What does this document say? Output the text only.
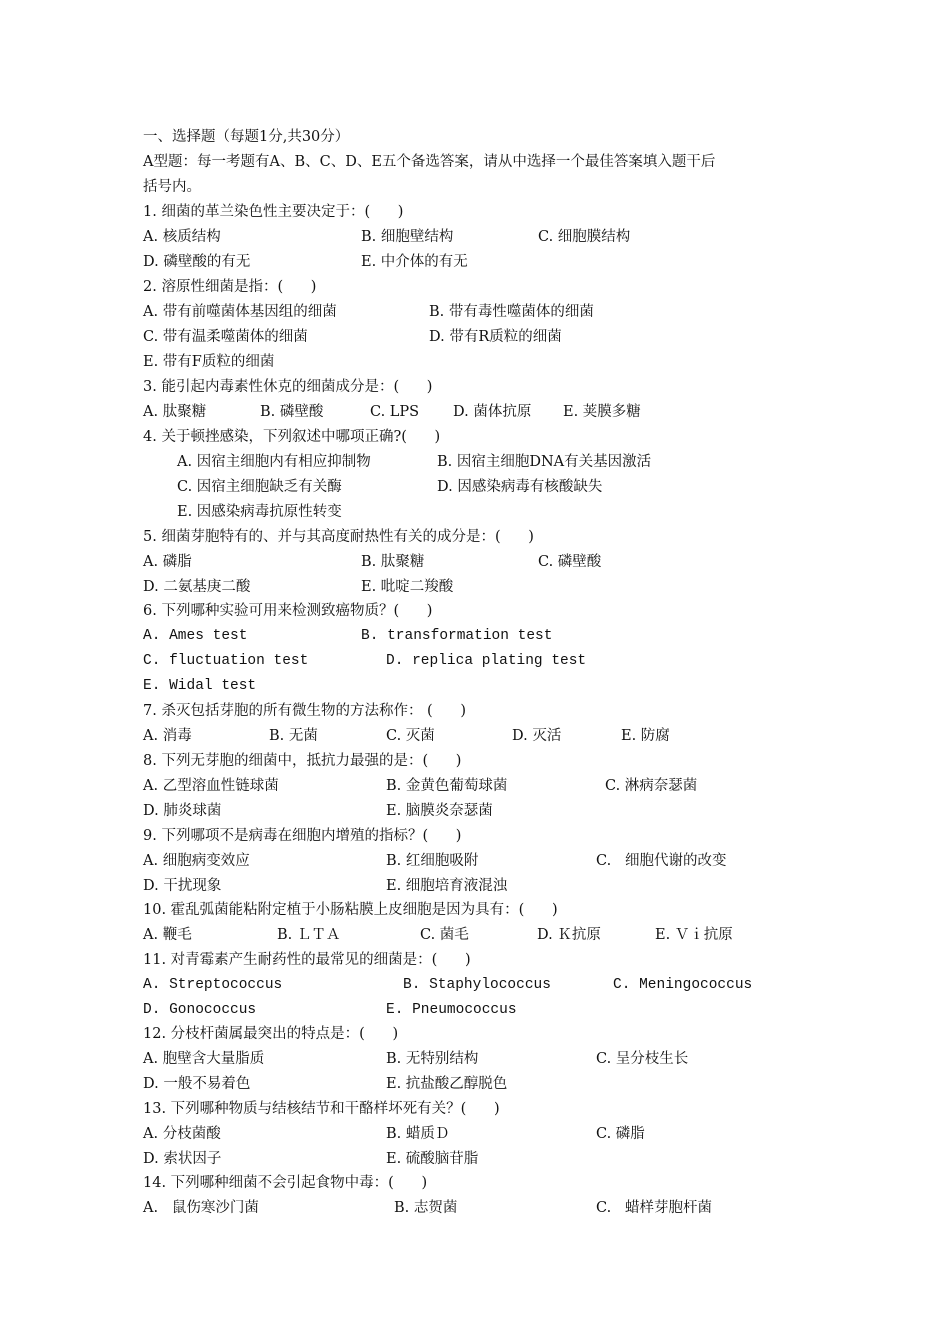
一、选择题（每题1分,共30分）
A型题：每一考题有A、B、C、D、E五个备选答案，请从中选择一个最佳答案填入题干后
括号内。
1. 细菌的革兰染色性主要决定于：(      )
A. 核质结构	B. 细胞壁结构	C. 细胞膜结构
D. 磷壁酸的有无	E. 中介体的有无
2. 溶原性细菌是指：(      )
A. 带有前噬菌体基因组的细菌	B. 带有毒性噬菌体的细菌
C. 带有温柔噬菌体的细菌	D. 带有R质粒的细菌
E. 带有F质粒的细菌
3. 能引起内毒素性休克的细菌成分是：(      )
A. 肽聚糖	B. 磷壁酸	C. LPS D. 菌体抗原 E. 荚膜多糖
4. 关于顿挫感染，下列叙述中哪项正确?(      )
A. 因宿主细胞内有相应抑制物	B. 因宿主细胞DNA有关基因激活
C. 因宿主细胞缺乏有关酶	D. 因感染病毒有核酸缺失
E. 因感染病毒抗原性转变
5. 细菌芽胞特有的、并与其高度耐热性有关的成分是：(      )
A. 磷脂	B. 肽聚糖	C. 磷壁酸
D. 二氨基庚二酸	E. 吡啶二羧酸
6. 下列哪种实验可用来检测致癌物质？(      )
A. Ames test	B. transformation test
C. fluctuation test	D. replica plating test
E. Widal test
7. 杀灭包括芽胞的所有微生物的方法称作： (      )
A. 消毒	B. 无菌	C. 灭菌	D. 灭活	E. 防腐
8. 下列无芽胞的细菌中，抵抗力最强的是：(      )
A. 乙型溶血性链球菌	B. 金黄色葡萄球菌	C. 淋病奈瑟菌
D. 肺炎球菌	E. 脑膜炎奈瑟菌
9. 下列哪项不是病毒在细胞内增殖的指标？(      )
A. 细胞病变效应	B. 红细胞吸附	C.   细胞代谢的改变
D. 干扰现象	E. 细胞培育液混浊
10. 霍乱弧菌能粘附定植于小肠粘膜上皮细胞是因为具有：(      )
A. 鞭毛	B. ＬＴＡ	C. 菌毛	D. Ｋ抗原	E. Ｖｉ抗原
11. 对青霉素产生耐药性的最常见的细菌是：(      )
A. Streptococcus	B. Staphylococcus	C. Meningococcus
D. Gonococcus	E. Pneumococcus
12. 分枝杆菌属最突出的特点是：(      )
A. 胞壁含大量脂质	B. 无特别结构	C. 呈分枝生长
D. 一般不易着色	E. 抗盐酸乙醇脱色
13. 下列哪种物质与结核结节和干酪样坏死有关？(      )
A. 分枝菌酸	B. 蜡质Ｄ	C. 磷脂
D. 索状因子	E. 硫酸脑苷脂
14. 下列哪种细菌不会引起食物中毒：(      )
A.   鼠伤寒沙门菌	B. 志贺菌	C.   蜡样芽胞杆菌
